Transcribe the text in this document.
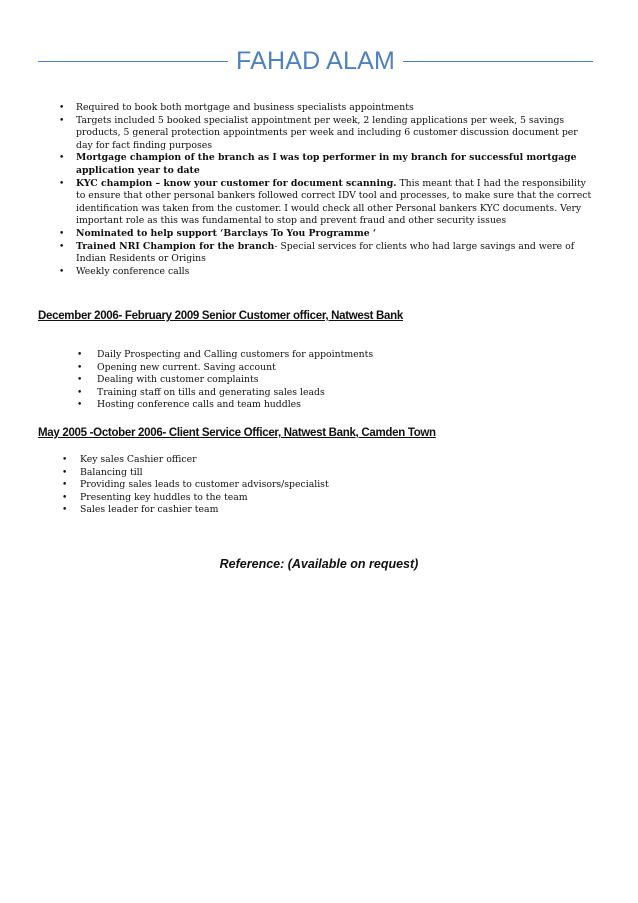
FAHAD ALAM
• Required to book both mortgage and business specialists appointments
• Targets included 5 booked specialist appointment per week, 2 lending applications per week, 5 savings products, 5 general protection appointments per week and including 6 customer discussion document per day for fact finding purposes
• Mortgage champion of the branch as I was top performer in my branch for successful mortgage application year to date
• KYC champion – know your customer for document scanning. This meant that I had the responsibility to ensure that other personal bankers followed correct IDV tool and processes, to make sure that the correct identification was taken from the customer. I would check all other Personal bankers KYC documents. Very important role as this was fundamental to stop and prevent fraud and other security issues
• Nominated to help support ‘Barclays To You Programme ‘
• Trained NRI Champion for the branch- Special services for clients who had large savings and were of Indian Residents or Origins
• Weekly conference calls
December 2006- February 2009 Senior Customer officer, Natwest Bank
• Daily Prospecting and Calling customers for appointments
• Opening new current. Saving account
• Dealing with customer complaints
• Training staff on tills and generating sales leads
• Hosting conference calls and team huddles
May 2005 -October 2006- Client Service Officer, Natwest Bank, Camden Town
• Key sales Cashier officer
• Balancing till
• Providing sales leads to customer advisors/specialist
• Presenting key huddles to the team
• Sales leader for cashier team
Reference: (Available on request)
